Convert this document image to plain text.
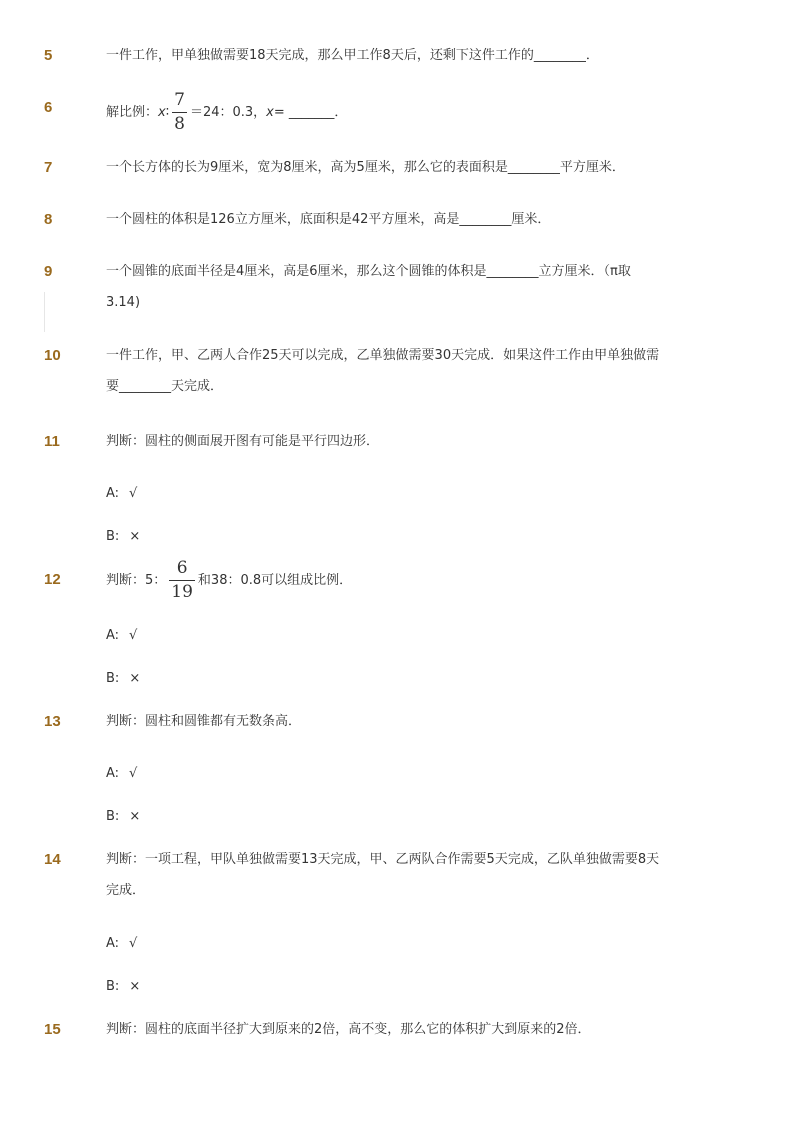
5	一件工作，甲单独做需要18天完成，那么甲工作8天后，还剩下这件工作的________．
6	解比例： x ∶ $\frac{7}{8} =24$：0.3， x = _______．
7	一个长方体的长为9厘米，宽为8厘米，高为5厘米，那么它的表面积是________平方厘米．
8	一个圆柱的体积是126立方厘米，底面积是42平方厘米，高是________厘米．
9	一个圆锥的底面半径是4厘米，高是6厘米，那么这个圆锥的体积是________立方厘米．（π取
3.14)
10	一件工作，甲、乙两人合作25天可以完成，乙单独做需要30天完成．如果这件工作由甲单独做需
要________天完成．
11	判断：圆柱的侧面展开图有可能是平行四边形．
A: √
B: ×
12	判断：5： $\frac{6}{19}$ 和38：0.8可以组成比例．
A: √
B: ×
13	判断：圆柱和圆锥都有无数条高．
A: √
B: ×
14	判断：一项工程，甲队单独做需要13天完成，甲、乙两队合作需要5天完成，乙队单独做需要8天
完成．
A: √
B: ×
15	判断：圆柱的底面半径扩大到原来的2倍，高不变，那么它的体积扩大到原来的2倍．
